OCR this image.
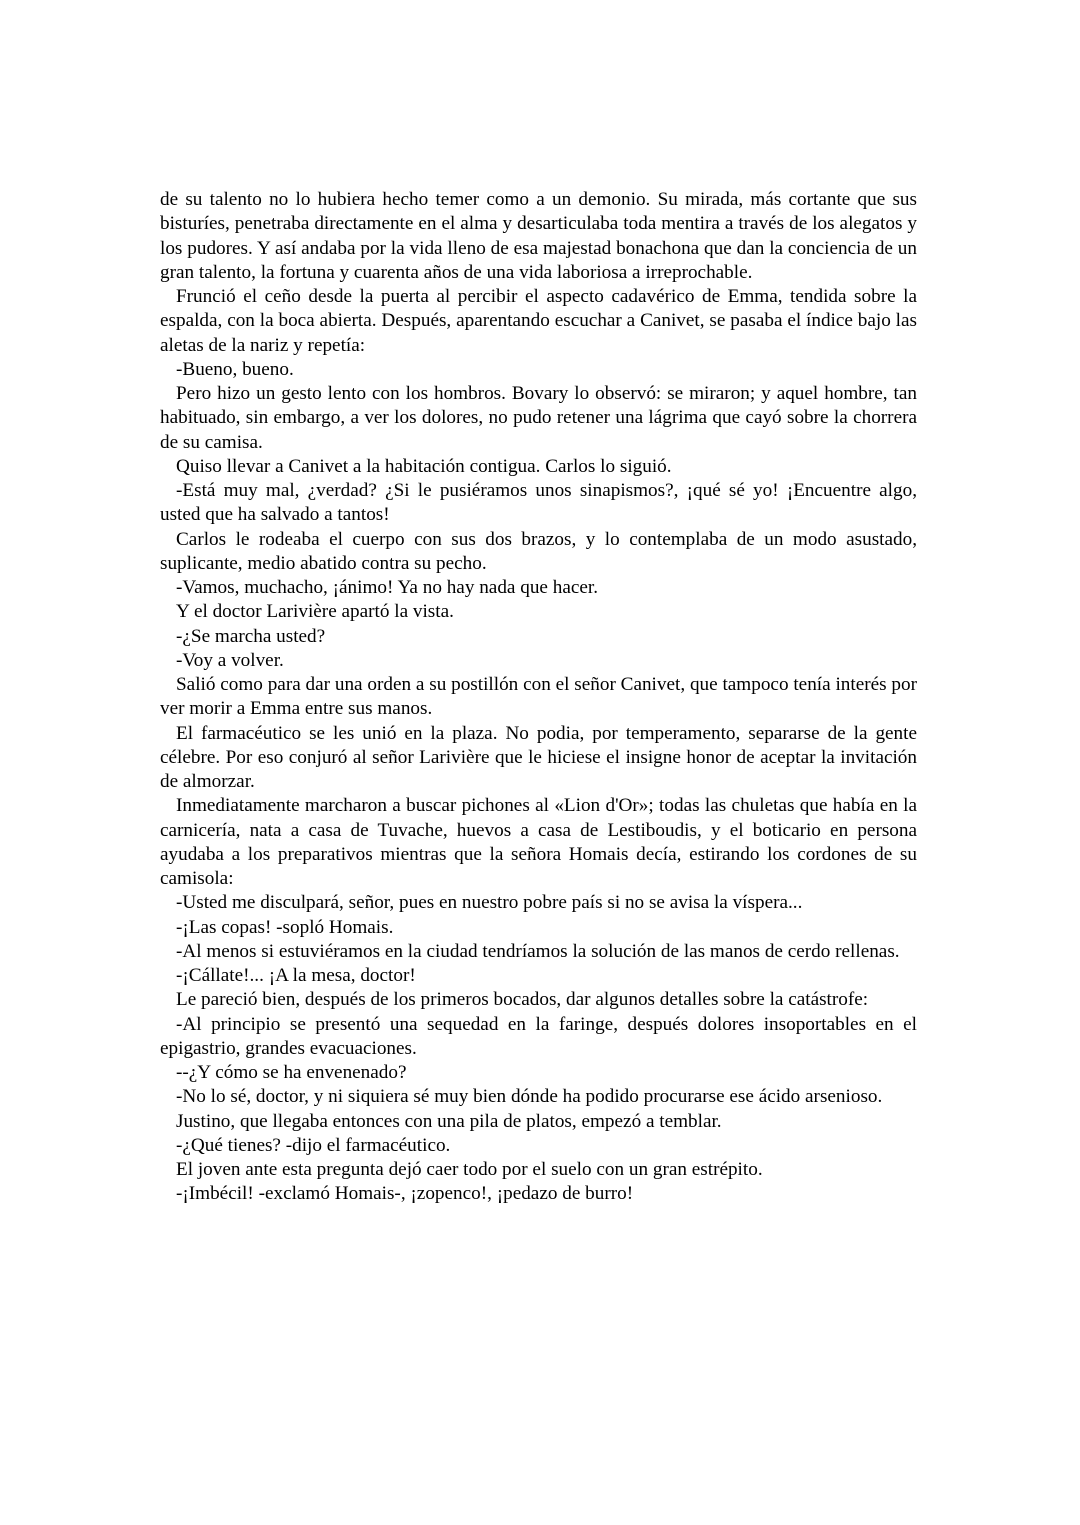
de su talento no lo hubiera hecho temer como a un demonio. Su mirada, más cortante que sus bisturíes, penetraba directamente en el alma y desarticulaba toda mentira a través de los alegatos y los pudores. Y así andaba por la vida lleno de esa majestad bonachona que dan la conciencia de un gran talento, la fortuna y cuarenta años de una vida laboriosa a irreprochable.

Frunció el ceño desde la puerta al percibir el aspecto cadavérico de Emma, tendida sobre la espalda, con la boca abierta. Después, aparentando escuchar a Canivet, se pasaba el índice bajo las aletas de la nariz y repetía:

-Bueno, bueno.

Pero hizo un gesto lento con los hombros. Bovary lo observó: se miraron; y aquel hombre, tan habituado, sin embargo, a ver los dolores, no pudo retener una lágrima que cayó sobre la chorrera de su camisa.

Quiso llevar a Canivet a la habitación contigua. Carlos lo siguió.

-Está muy mal, ¿verdad? ¿Si le pusiéramos unos sinapismos?, ¡qué sé yo! ¡Encuentre algo, usted que ha salvado a tantos!

Carlos le rodeaba el cuerpo con sus dos brazos, y lo contemplaba de un modo asustado, suplicante, medio abatido contra su pecho.

-Vamos, muchacho, ¡ánimo! Ya no hay nada que hacer.

Y el doctor Larivière apartó la vista.

-¿Se marcha usted?

-Voy a volver.

Salió como para dar una orden a su postillón con el señor Canivet, que tampoco tenía interés por ver morir a Emma entre sus manos.

El farmacéutico se les unió en la plaza. No podia, por temperamento, separarse de la gente célebre. Por eso conjuró al señor Larivière que le hiciese el insigne honor de aceptar la invitación de almorzar.

Inmediatamente marcharon a buscar pichones al «Lion d'Or»; todas las chuletas que había en la carnicería, nata a casa de Tuvache, huevos a casa de Lestiboudis, y el boticario en persona ayudaba a los preparativos mientras que la señora Homais decía, estirando los cordones de su camisola:

-Usted me disculpará, señor, pues en nuestro pobre país si no se avisa la víspera...

-¡Las copas! -sopló Homais.

-Al menos si estuviéramos en la ciudad tendríamos la solución de las manos de cerdo rellenas.

-¡Cállate!... ¡A la mesa, doctor!

Le pareció bien, después de los primeros bocados, dar algunos detalles sobre la catástrofe:

-Al principio se presentó una sequedad en la faringe, después dolores insoportables en el epigastrio, grandes evacuaciones.

--¿Y cómo se ha envenenado?

-No lo sé, doctor, y ni siquiera sé muy bien dónde ha podido procurarse ese ácido arsenioso.

Justino, que llegaba entonces con una pila de platos, empezó a temblar.

-¿Qué tienes? -dijo el farmacéutico.

El joven ante esta pregunta dejó caer todo por el suelo con un gran estrépito.

-¡Imbécil! -exclamó Homais-, ¡zopenco!, ¡pedazo de burro!
